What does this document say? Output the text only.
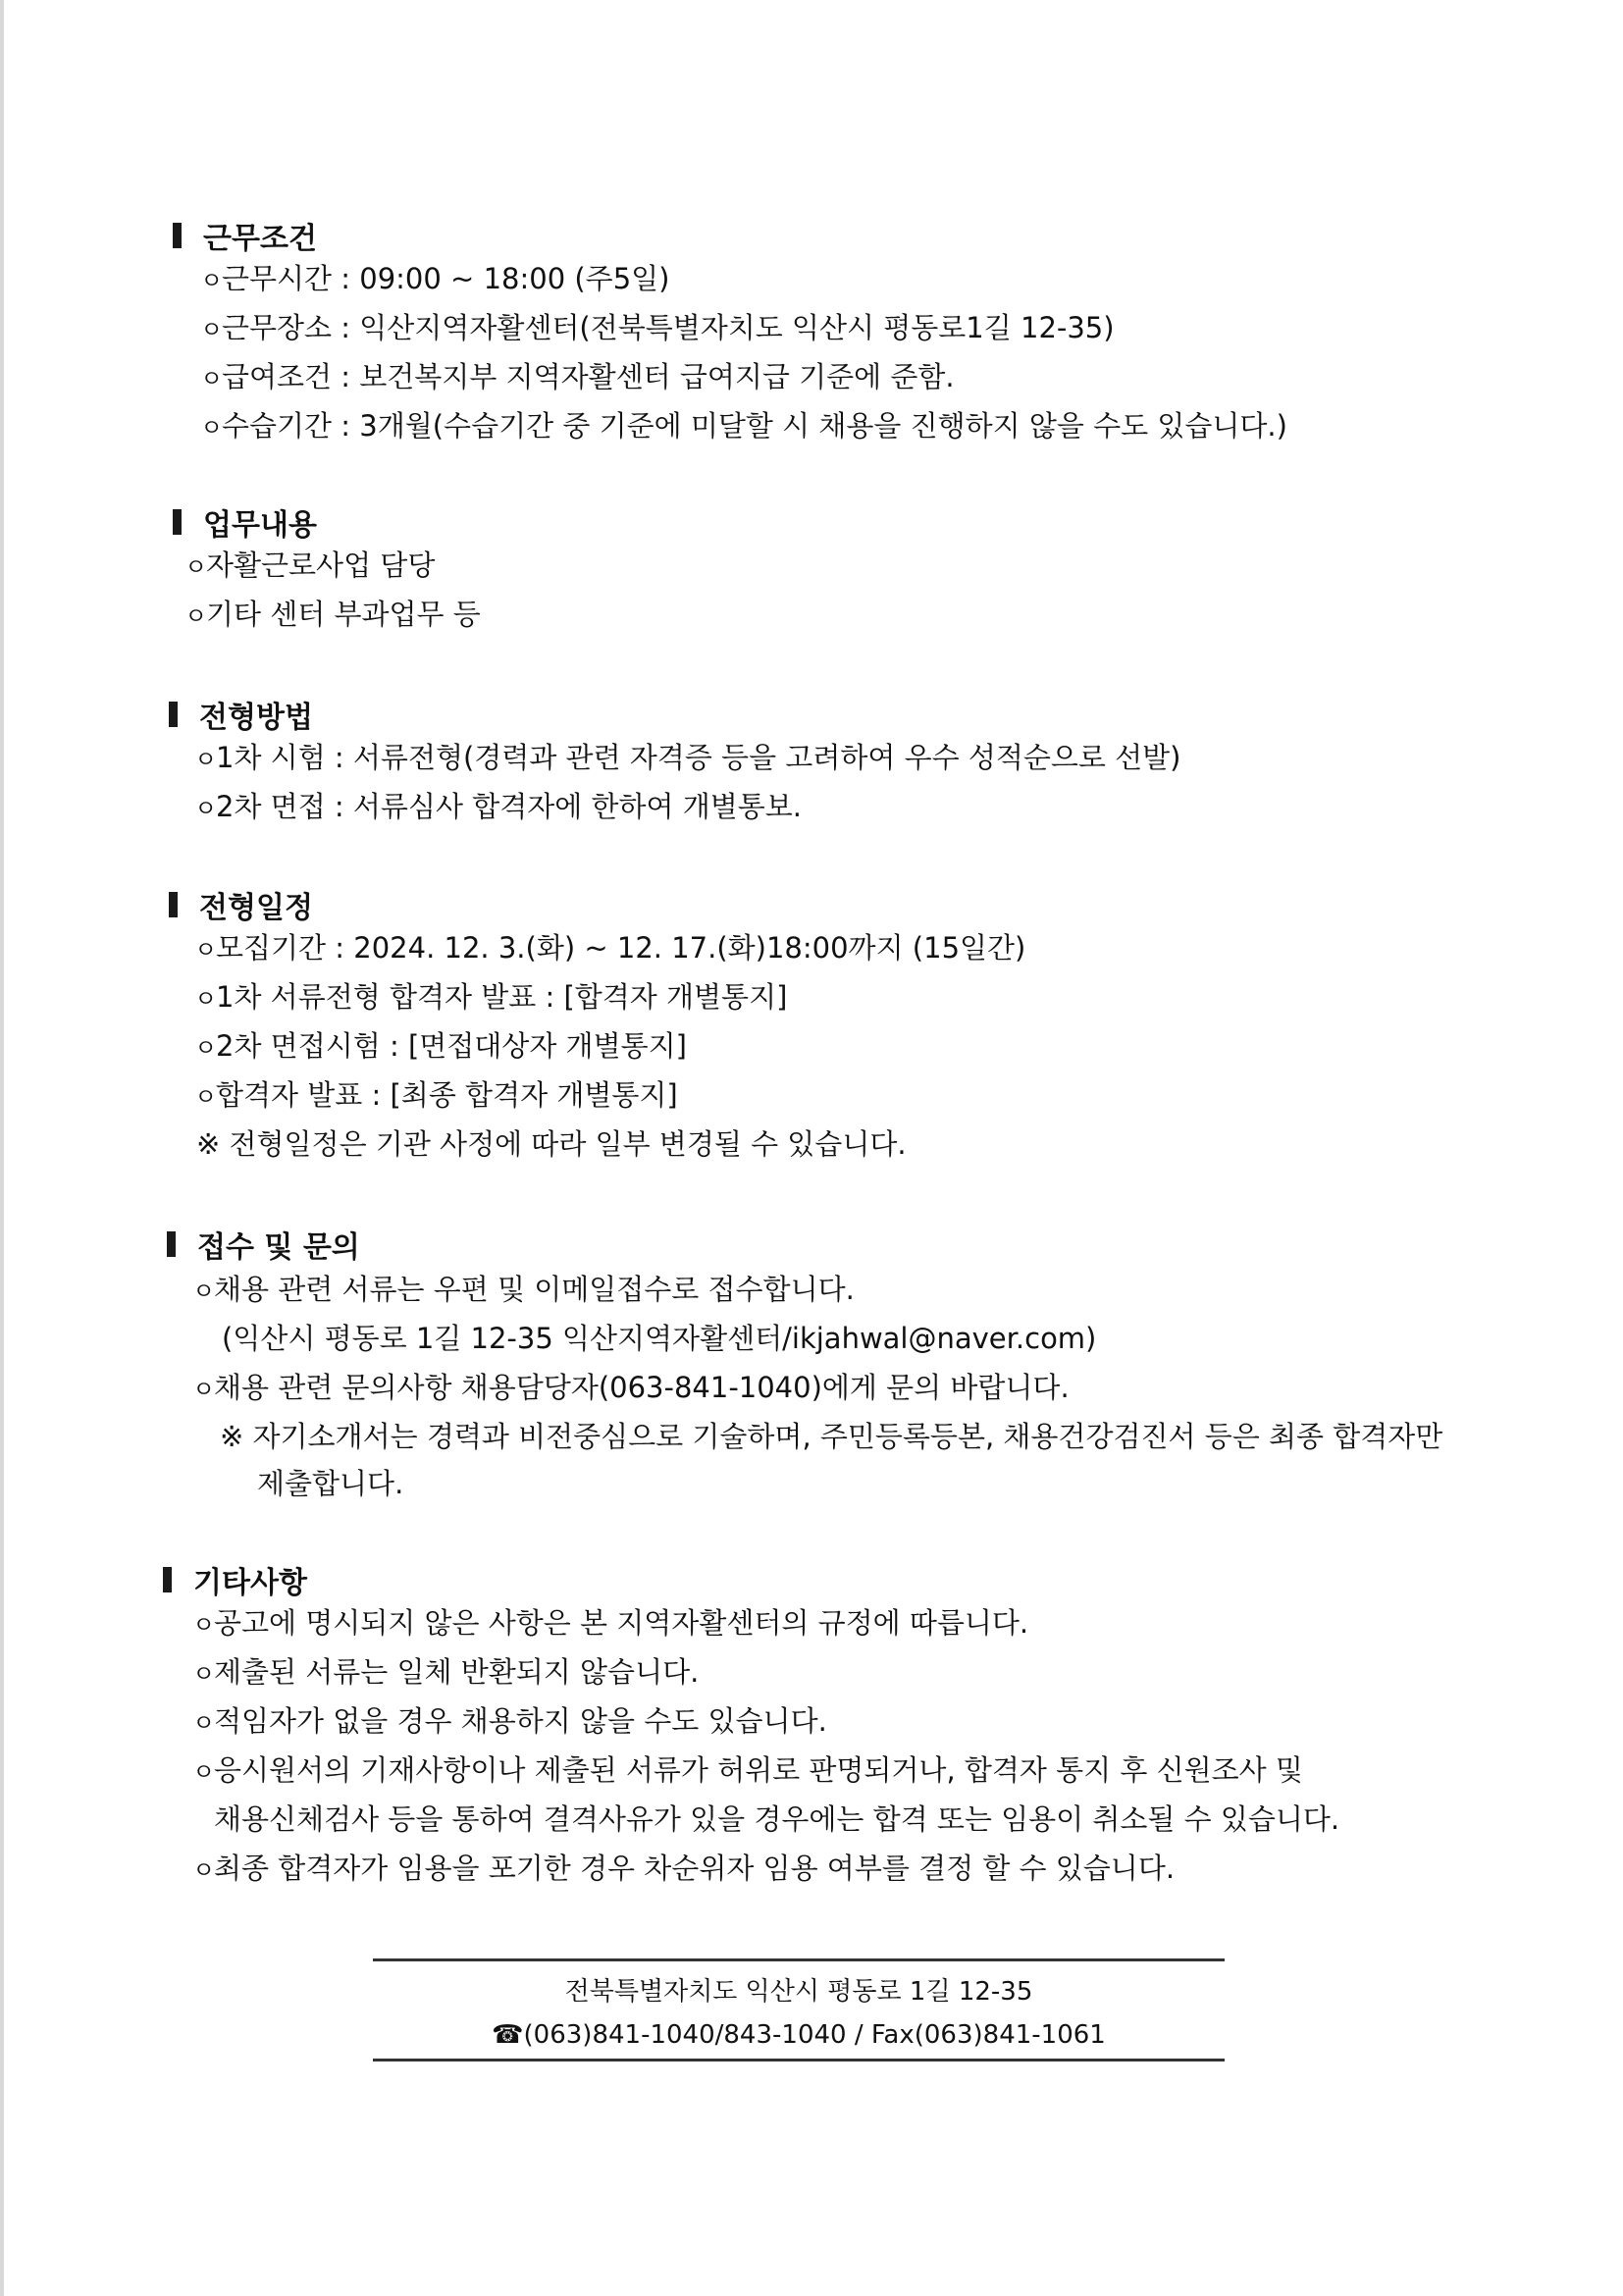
근무조건
ㅇ근무시간 : 09:00 ~ 18:00 (주5일)
ㅇ근무장소 : 익산지역자활센터(전북특별자치도 익산시 평동로1길 12-35)
ㅇ급여조건 : 보건복지부 지역자활센터 급여지급 기준에 준함.
ㅇ수습기간 : 3개월(수습기간 중 기준에 미달할 시 채용을 진행하지 않을 수도 있습니다.)
업무내용
ㅇ자활근로사업 담당
ㅇ기타 센터 부과업무 등
전형방법
ㅇ1차 시험 : 서류전형(경력과 관련 자격증 등을 고려하여 우수 성적순으로 선발)
ㅇ2차 면접 : 서류심사 합격자에 한하여 개별통보.
전형일정
ㅇ모집기간 : 2024. 12. 3.(화) ~ 12. 17.(화)18:00까지 (15일간)
ㅇ1차 서류전형 합격자 발표 : [합격자 개별통지]
ㅇ2차 면접시험 : [면접대상자 개별통지]
ㅇ합격자 발표 : [최종 합격자 개별통지]
※ 전형일정은 기관 사정에 따라 일부 변경될 수 있습니다.
접수 및 문의
ㅇ채용 관련 서류는 우편 및 이메일접수로 접수합니다.
(익산시 평동로 1길 12-35 익산지역자활센터/ikjahwal@naver.com)
ㅇ채용 관련 문의사항 채용담당자(063-841-1040)에게 문의 바랍니다.
※ 자기소개서는 경력과 비전중심으로 기술하며, 주민등록등본, 채용건강검진서 등은 최종 합격자만
제출합니다.
기타사항
ㅇ공고에 명시되지 않은 사항은 본 지역자활센터의 규정에 따릅니다.
ㅇ제출된 서류는 일체 반환되지 않습니다.
ㅇ적임자가 없을 경우 채용하지 않을 수도 있습니다.
ㅇ응시원서의 기재사항이나 제출된 서류가 허위로 판명되거나, 합격자 통지 후 신원조사 및
채용신체검사 등을 통하여 결격사유가 있을 경우에는 합격 또는 임용이 취소될 수 있습니다.
ㅇ최종 합격자가 임용을 포기한 경우 차순위자 임용 여부를 결정 할 수 있습니다.
전북특별자치도 익산시 평동로 1길 12-35
☎(063)841-1040/843-1040 / Fax(063)841-1061
